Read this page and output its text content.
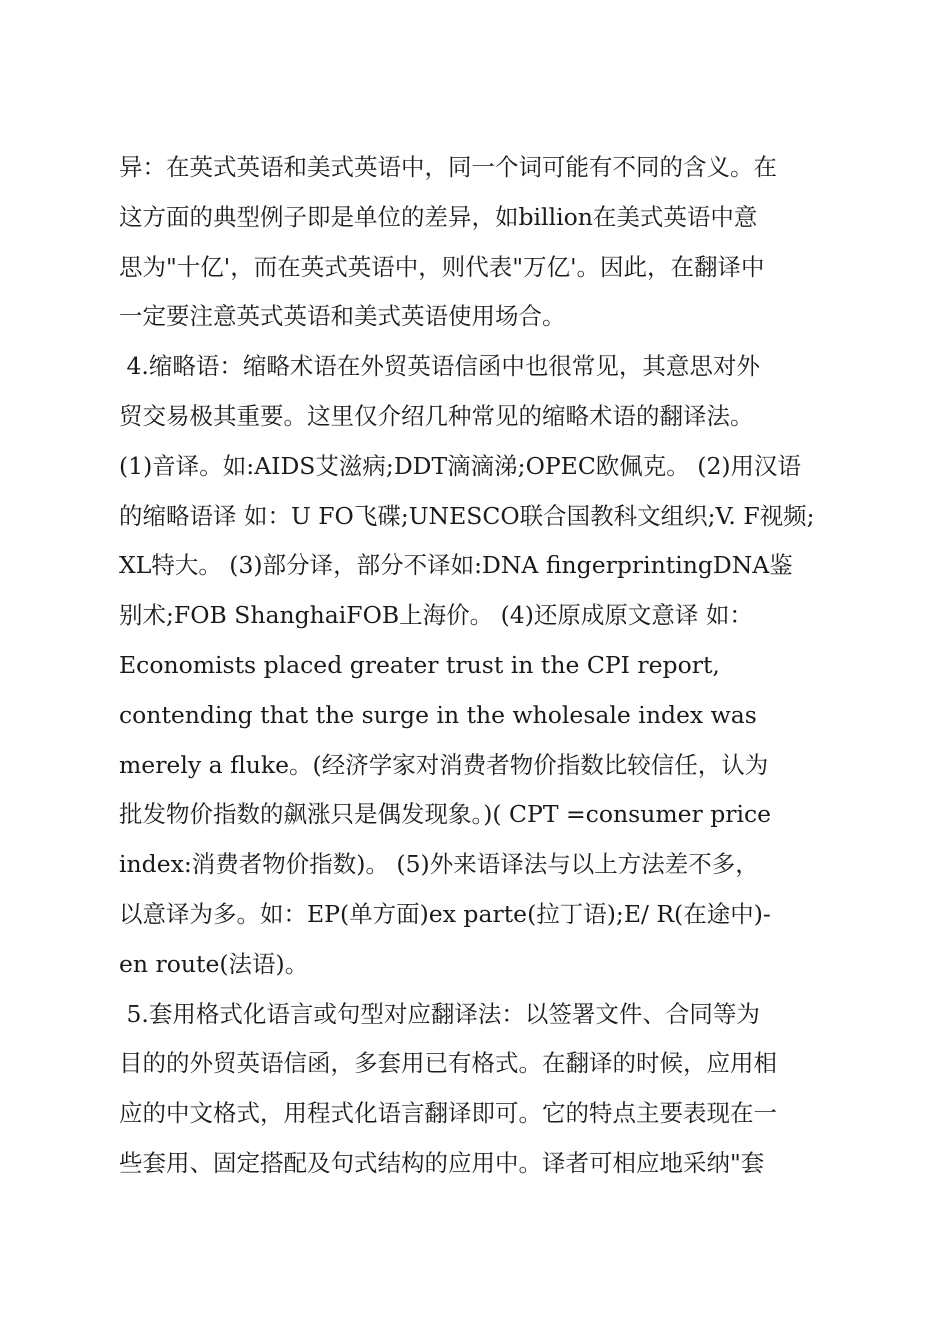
异：在英式英语和美式英语中，同一个词可能有不同的含义。在
这方面的典型例子即是单位的差异，如billion在美式英语中意
思为"十亿'，而在英式英语中，则代表"万亿'。因此，在翻译中
一定要注意英式英语和美式英语使用场合。
4.缩略语：缩略术语在外贸英语信函中也很常见，其意思对外
贸交易极其重要。这里仅介绍几种常见的缩略术语的翻译法。
(1)音译。如:AIDS艾滋病;DDT滴滴涕;OPEC欧佩克。 (2)用汉语
的缩略语译 如：U FO飞碟;UNESCO联合国教科文组织;V. F视频;
XL特大。 (3)部分译，部分不译如:DNA fingerprintingDNA鉴
别术;FOB ShanghaiFOB上海价。 (4)还原成原文意译 如：
Economists placed greater trust in the CPI report,
contending that the surge in the wholesale index was
merely a fluke。(经济学家对消费者物价指数比较信任，认为
批发物价指数的飙涨只是偶发现象。)( CPT =consumer price
index:消费者物价指数)。 (5)外来语译法与以上方法差不多，
以意译为多。如：EP(单方面)ex parte(拉丁语);E/ R(在途中)-
en route(法语)。
5.套用格式化语言或句型对应翻译法：以签署文件、合同等为
目的的外贸英语信函，多套用已有格式。在翻译的时候，应用相
应的中文格式，用程式化语言翻译即可。它的特点主要表现在一
些套用、固定搭配及句式结构的应用中。译者可相应地采纳"套
